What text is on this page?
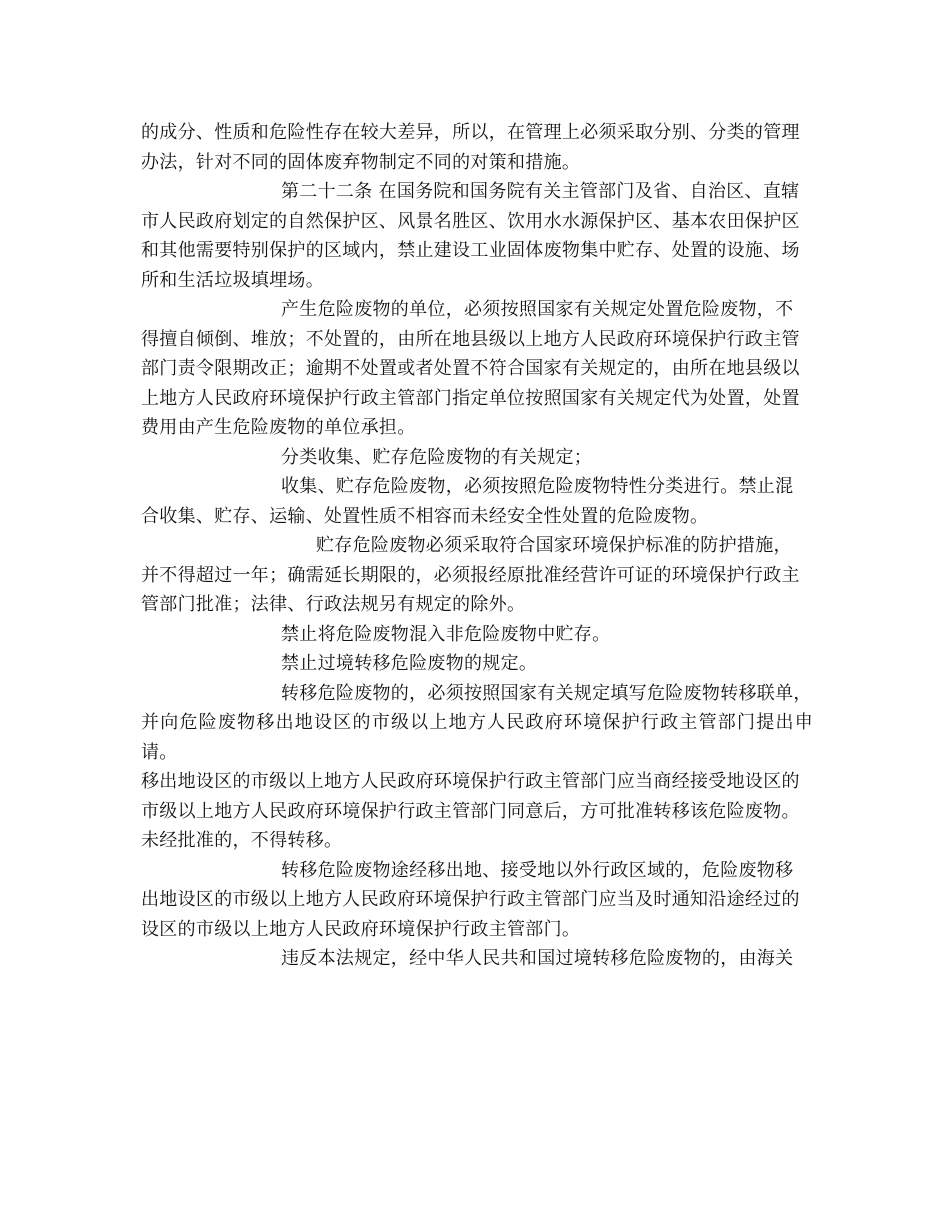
的成分、性质和危险性存在较大差异，所以，在管理上必须采取分别、分类的管理
办法，针对不同的固体废弃物制定不同的对策和措施。

第二十二条 在国务院和国务院有关主管部门及省、自治区、直辖
市人民政府划定的自然保护区、风景名胜区、饮用水水源保护区、基本农田保护区
和其他需要特别保护的区域内，禁止建设工业固体废物集中贮存、处置的设施、场
所和生活垃圾填埋场。

产生危险废物的单位，必须按照国家有关规定处置危险废物，不
得擅自倾倒、堆放；不处置的，由所在地县级以上地方人民政府环境保护行政主管
部门责令限期改正；逾期不处置或者处置不符合国家有关规定的，由所在地县级以
上地方人民政府环境保护行政主管部门指定单位按照国家有关规定代为处置，处置
费用由产生危险废物的单位承担。

分类收集、贮存危险废物的有关规定；

收集、贮存危险废物，必须按照危险废物特性分类进行。禁止混
合收集、贮存、运输、处置性质不相容而未经安全性处置的危险废物。

贮存危险废物必须采取符合国家环境保护标准的防护措施，
并不得超过一年；确需延长期限的，必须报经原批准经营许可证的环境保护行政主
管部门批准；法律、行政法规另有规定的除外。

禁止将危险废物混入非危险废物中贮存。

禁止过境转移危险废物的规定。

转移危险废物的，必须按照国家有关规定填写危险废物转移联单，
并向危险废物移出地设区的市级以上地方人民政府环境保护行政主管部门提出申请。
移出地设区的市级以上地方人民政府环境保护行政主管部门应当商经接受地设区的
市级以上地方人民政府环境保护行政主管部门同意后，方可批准转移该危险废物。
未经批准的，不得转移。

转移危险废物途经移出地、接受地以外行政区域的，危险废物移
出地设区的市级以上地方人民政府环境保护行政主管部门应当及时通知沿途经过的
设区的市级以上地方人民政府环境保护行政主管部门。

违反本法规定，经中华人民共和国过境转移危险废物的，由海关
